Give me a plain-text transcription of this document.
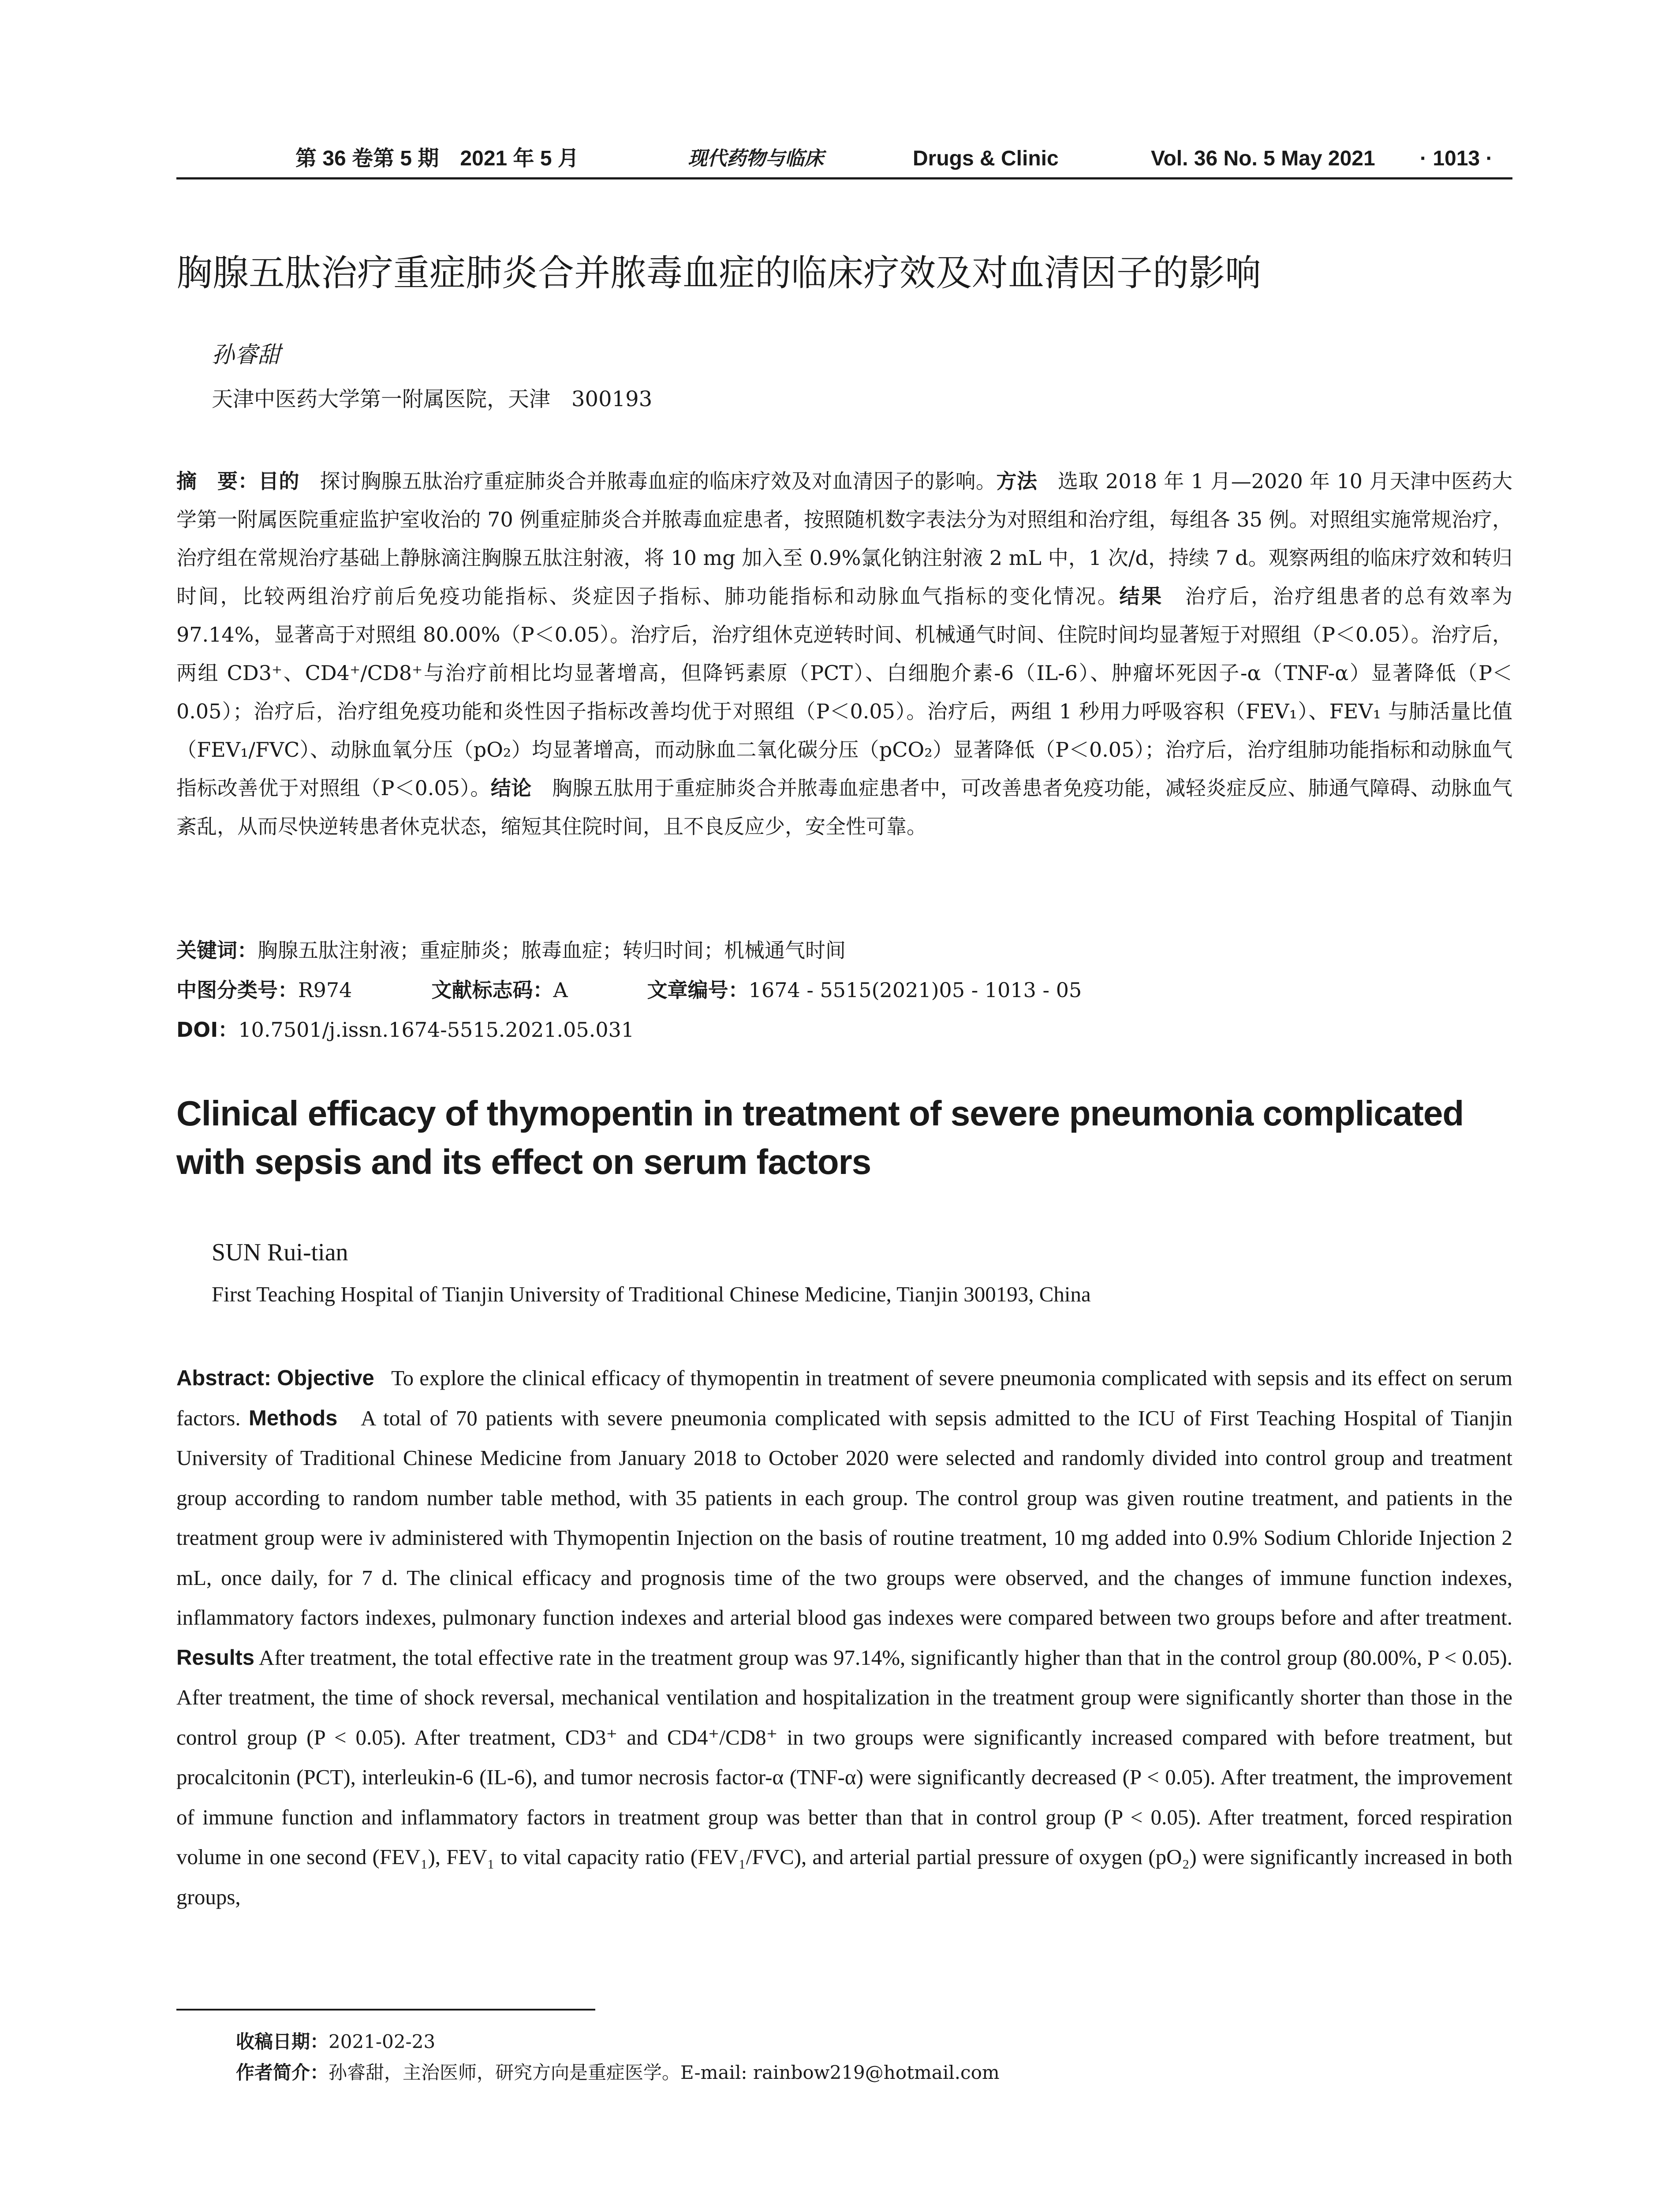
第 36 卷第 5 期　2021 年 5 月	现代药物与临床	Drugs & Clinic	Vol. 36 No. 5 May 2021 · 1013 ·
胸腺五肽治疗重症肺炎合并脓毒血症的临床疗效及对血清因子的影响
孙睿甜
天津中医药大学第一附属医院，天津　300193
摘　要：目的　 探讨胸腺五肽治疗重症肺炎合并脓毒血症的临床疗效及对血清因子的影响。方法　 选取 2018 年 1 月—2020 年 10 月天津中医药大学第一附属医院重症监护室收治的 70 例重症肺炎合并脓毒血症患者，按照随机数字表法分为对照组和治疗组，每组各 35 例。对照组实施常规治疗，治疗组在常规治疗基础上静脉滴注胸腺五肽注射液，将 10 mg 加入至 0.9%氯化钠注射液 2 mL 中，1 次/d，持续 7 d。观察两组的临床疗效和转归时间，比较两组治疗前后免疫功能指标、炎症因子指标、肺功能指标和动脉血气指标的变化情况。结果　 治疗后，治疗组患者的总有效率为 97.14%，显著高于对照组 80.00%（P＜0.05）。治疗后，治疗组休克逆转时间、机械通气时间、住院时间均显著短于对照组（P＜0.05）。治疗后，两组 CD3⁺、CD4⁺/CD8⁺与治疗前相比均显著增高，但降钙素原（PCT）、白细胞介素-6（IL-6）、肿瘤坏死因子-α（TNF-α）显著降低（P＜0.05）；治疗后，治疗组免疫功能和炎性因子指标改善均优于对照组（P＜0.05）。治疗后，两组 1 秒用力呼吸容积（FEV₁）、FEV₁ 与肺活量比值（FEV₁/FVC）、动脉血氧分压（pO₂）均显著增高，而动脉血二氧化碳分压（pCO₂）显著降低（P＜0.05）；治疗后，治疗组肺功能指标和动脉血气指标改善优于对照组（P＜0.05）。结论　 胸腺五肽用于重症肺炎合并脓毒血症患者中，可改善患者免疫功能，减轻炎症反应、肺通气障碍、动脉血气紊乱，从而尽快逆转患者休克状态，缩短其住院时间，且不良反应少，安全性可靠。
关键词：胸腺五肽注射液；重症肺炎；脓毒血症；转归时间；机械通气时间
中图分类号：R974	文献标志码：A	文章编号：1674 - 5515(2021)05 - 1013 - 05
DOI：10.7501/j.issn.1674-5515.2021.05.031
Clinical efficacy of thymopentin in treatment of severe pneumonia complicated with sepsis and its effect on serum factors
SUN Rui-tian
First Teaching Hospital of Tianjin University of Traditional Chinese Medicine, Tianjin 300193, China
Abstract: Objective To explore the clinical efficacy of thymopentin in treatment of severe pneumonia complicated with sepsis and its effect on serum factors. Methods A total of 70 patients with severe pneumonia complicated with sepsis admitted to the ICU of First Teaching Hospital of Tianjin University of Traditional Chinese Medicine from January 2018 to October 2020 were selected and randomly divided into control group and treatment group according to random number table method, with 35 patients in each group. The control group was given routine treatment, and patients in the treatment group were iv administered with Thymopentin Injection on the basis of routine treatment, 10 mg added into 0.9% Sodium Chloride Injection 2 mL, once daily, for 7 d. The clinical efficacy and prognosis time of the two groups were observed, and the changes of immune function indexes, inflammatory factors indexes, pulmonary function indexes and arterial blood gas indexes were compared between two groups before and after treatment. Results After treatment, the total effective rate in the treatment group was 97.14%, significantly higher than that in the control group (80.00%, P < 0.05). After treatment, the time of shock reversal, mechanical ventilation and hospitalization in the treatment group were significantly shorter than those in the control group (P < 0.05). After treatment, CD3⁺ and CD4⁺/CD8⁺ in two groups were significantly increased compared with before treatment, but procalcitonin (PCT), interleukin-6 (IL-6), and tumor necrosis factor-α (TNF-α) were significantly decreased (P < 0.05). After treatment, the improvement of immune function and inflammatory factors in treatment group was better than that in control group (P < 0.05). After treatment, forced respiration volume in one second (FEV₁), FEV₁ to vital capacity ratio (FEV₁/FVC), and arterial partial pressure of oxygen (pO₂) were significantly increased in both groups,
收稿日期：2021-02-23
作者简介：孙睿甜，主治医师，研究方向是重症医学。E-mail: rainbow219@hotmail.com
